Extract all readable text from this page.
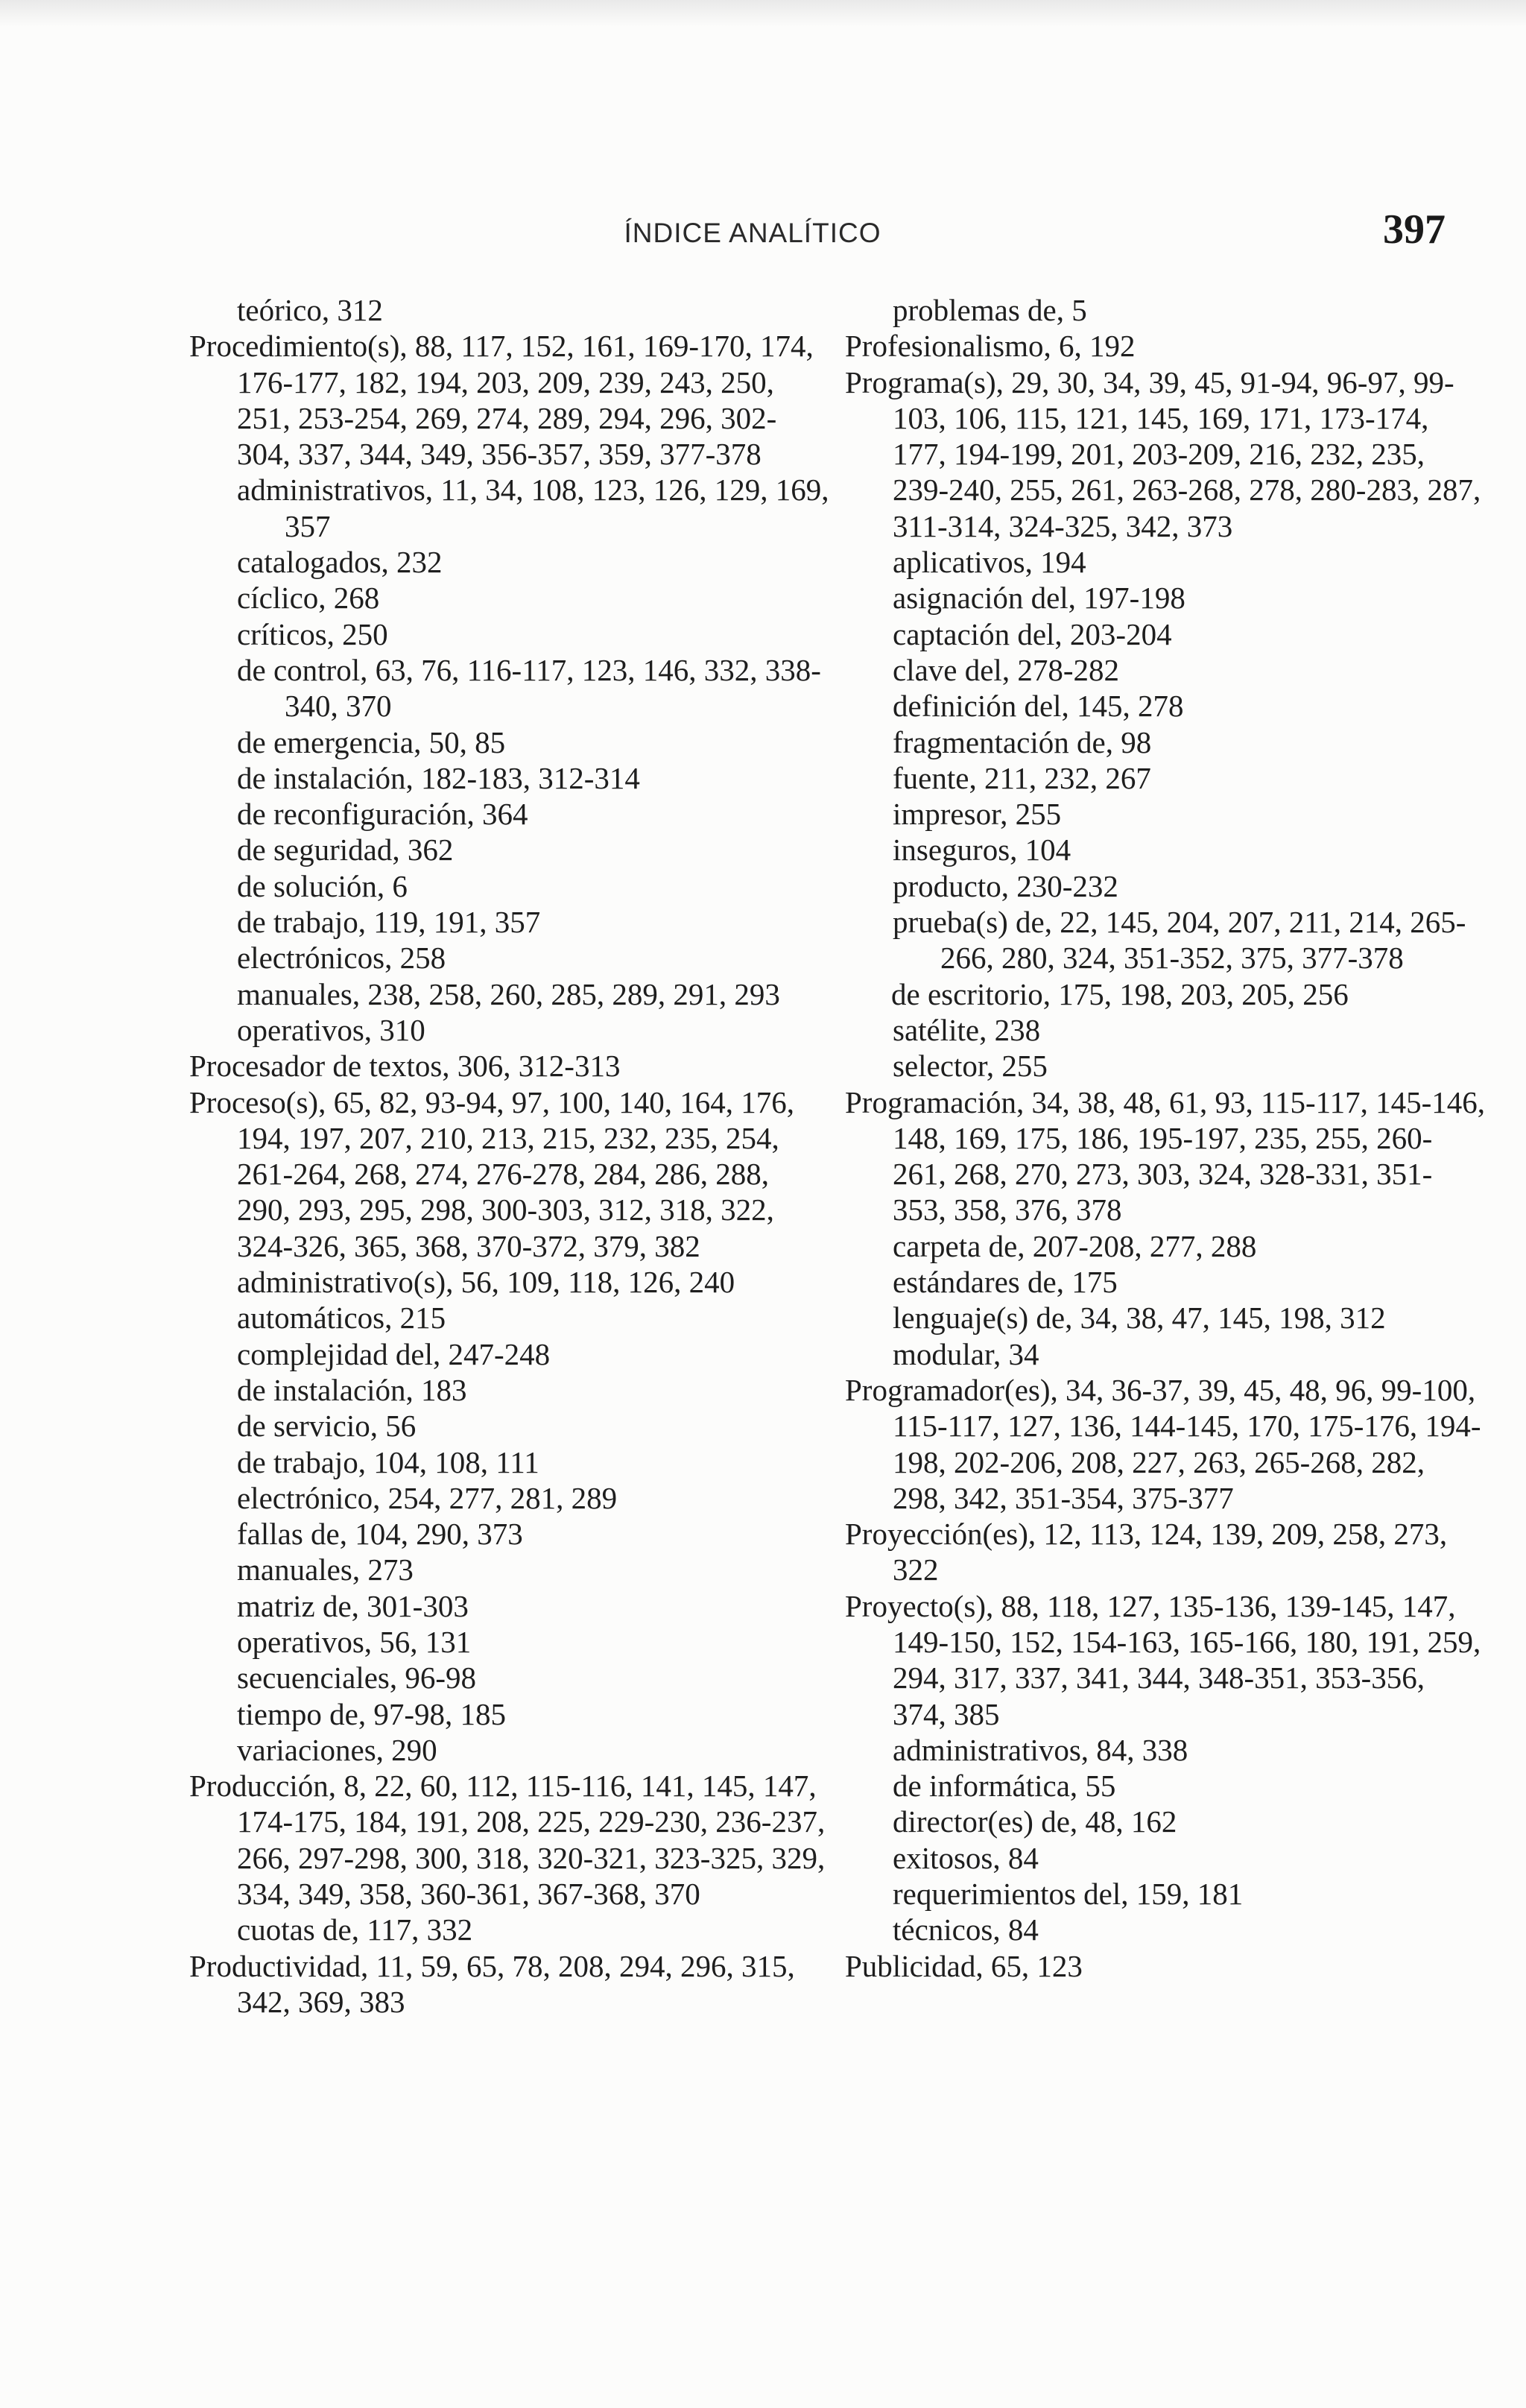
ÍNDICE ANALÍTICO	397
teórico, 312
Procedimiento(s), 88, 117, 152, 161, 169-170, 174, 176-177, 182, 194, 203, 209, 239, 243, 250, 251, 253-254, 269, 274, 289, 294, 296, 302-304, 337, 344, 349, 356-357, 359, 377-378
administrativos, 11, 34, 108, 123, 126, 129, 169, 357
catalogados, 232
cíclico, 268
críticos, 250
de control, 63, 76, 116-117, 123, 146, 332, 338-340, 370
de emergencia, 50, 85
de instalación, 182-183, 312-314
de reconfiguración, 364
de seguridad, 362
de solución, 6
de trabajo, 119, 191, 357
electrónicos, 258
manuales, 238, 258, 260, 285, 289, 291, 293
operativos, 310
Procesador de textos, 306, 312-313
Proceso(s), 65, 82, 93-94, 97, 100, 140, 164, 176, 194, 197, 207, 210, 213, 215, 232, 235, 254, 261-264, 268, 274, 276-278, 284, 286, 288, 290, 293, 295, 298, 300-303, 312, 318, 322, 324-326, 365, 368, 370-372, 379, 382
administrativo(s), 56, 109, 118, 126, 240
automáticos, 215
complejidad del, 247-248
de instalación, 183
de servicio, 56
de trabajo, 104, 108, 111
electrónico, 254, 277, 281, 289
fallas de, 104, 290, 373
manuales, 273
matriz de, 301-303
operativos, 56, 131
secuenciales, 96-98
tiempo de, 97-98, 185
variaciones, 290
Producción, 8, 22, 60, 112, 115-116, 141, 145, 147, 174-175, 184, 191, 208, 225, 229-230, 236-237, 266, 297-298, 300, 318, 320-321, 323-325, 329, 334, 349, 358, 360-361, 367-368, 370
cuotas de, 117, 332
Productividad, 11, 59, 65, 78, 208, 294, 296, 315, 342, 369, 383
problemas de, 5
Profesionalismo, 6, 192
Programa(s), 29, 30, 34, 39, 45, 91-94, 96-97, 99-103, 106, 115, 121, 145, 169, 171, 173-174, 177, 194-199, 201, 203-209, 216, 232, 235, 239-240, 255, 261, 263-268, 278, 280-283, 287, 311-314, 324-325, 342, 373
aplicativos, 194
asignación del, 197-198
captación del, 203-204
clave del, 278-282
definición del, 145, 278
fragmentación de, 98
fuente, 211, 232, 267
impresor, 255
inseguros, 104
producto, 230-232
prueba(s) de, 22, 145, 204, 207, 211, 214, 265-266, 280, 324, 351-352, 375, 377-378
de escritorio, 175, 198, 203, 205, 256
satélite, 238
selector, 255
Programación, 34, 38, 48, 61, 93, 115-117, 145-146, 148, 169, 175, 186, 195-197, 235, 255, 260-261, 268, 270, 273, 303, 324, 328-331, 351-353, 358, 376, 378
carpeta de, 207-208, 277, 288
estándares de, 175
lenguaje(s) de, 34, 38, 47, 145, 198, 312
modular, 34
Programador(es), 34, 36-37, 39, 45, 48, 96, 99-100, 115-117, 127, 136, 144-145, 170, 175-176, 194-198, 202-206, 208, 227, 263, 265-268, 282, 298, 342, 351-354, 375-377
Proyección(es), 12, 113, 124, 139, 209, 258, 273, 322
Proyecto(s), 88, 118, 127, 135-136, 139-145, 147, 149-150, 152, 154-163, 165-166, 180, 191, 259, 294, 317, 337, 341, 344, 348-351, 353-356, 374, 385
administrativos, 84, 338
de informática, 55
director(es) de, 48, 162
exitosos, 84
requerimientos del, 159, 181
técnicos, 84
Publicidad, 65, 123
